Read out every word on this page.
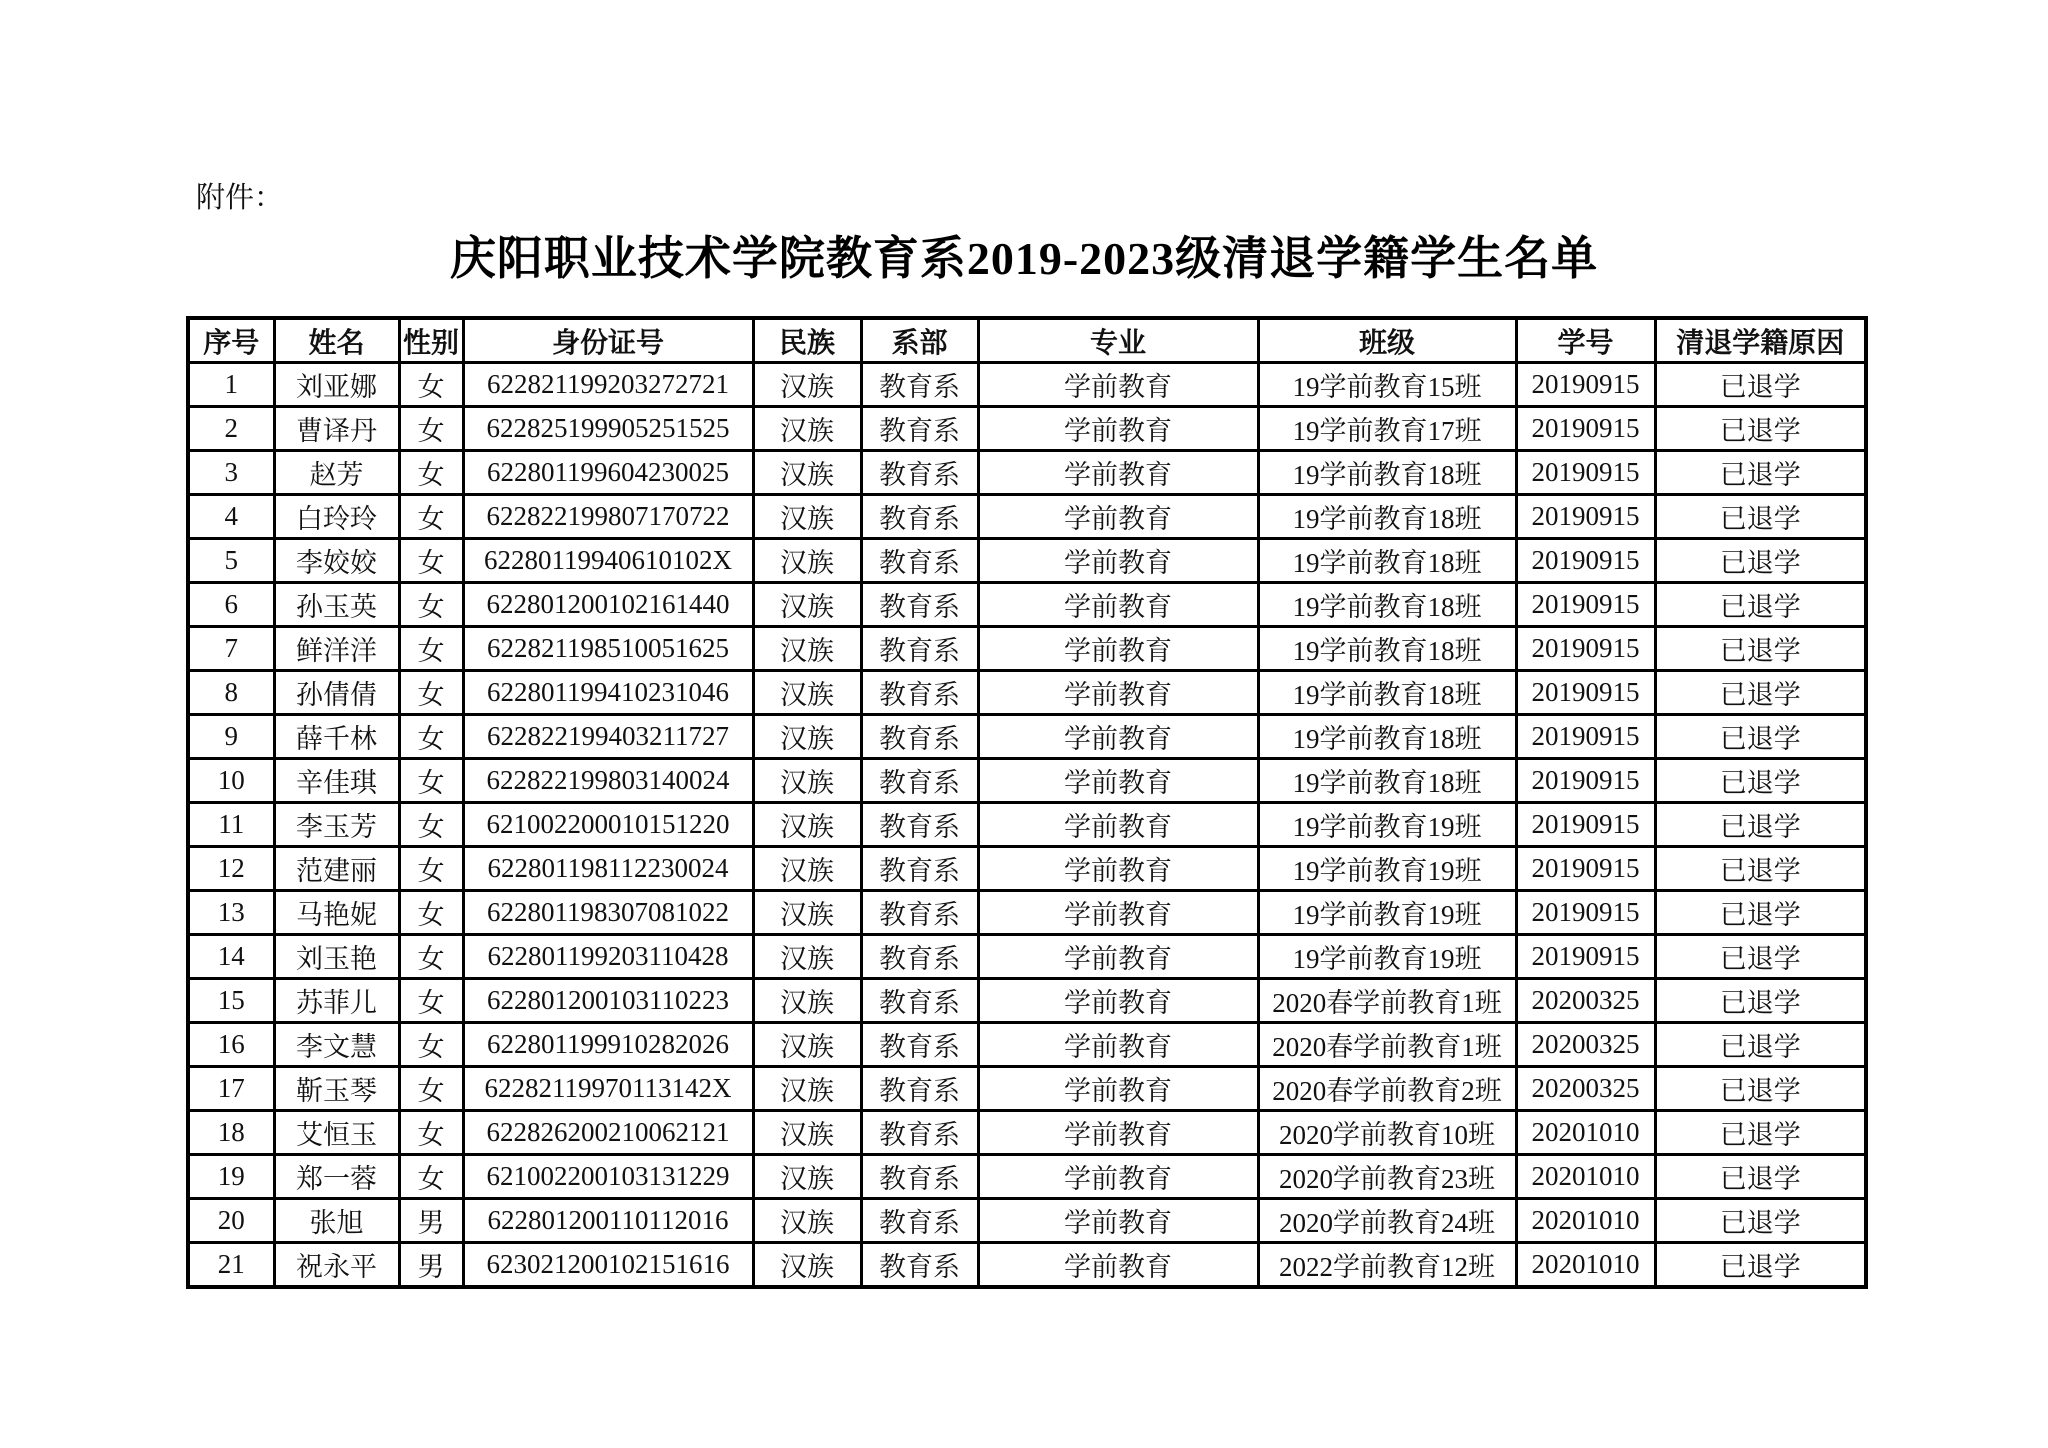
附件：
庆阳职业技术学院教育系2019-2023级清退学籍学生名单
序号	姓名	性别	身份证号	民族	系部	专业	班级	学号	清退学籍原因
1	刘亚娜	女	622821199203272721	汉族	教育系	学前教育	19学前教育15班	20190915	已退学
2	曹译丹	女	622825199905251525	汉族	教育系	学前教育	19学前教育17班	20190915	已退学
3	赵芳	女	622801199604230025	汉族	教育系	学前教育	19学前教育18班	20190915	已退学
4	白玲玲	女	622822199807170722	汉族	教育系	学前教育	19学前教育18班	20190915	已退学
5	李姣姣	女	62280119940610102X	汉族	教育系	学前教育	19学前教育18班	20190915	已退学
6	孙玉英	女	622801200102161440	汉族	教育系	学前教育	19学前教育18班	20190915	已退学
7	鲜洋洋	女	622821198510051625	汉族	教育系	学前教育	19学前教育18班	20190915	已退学
8	孙倩倩	女	622801199410231046	汉族	教育系	学前教育	19学前教育18班	20190915	已退学
9	薛千林	女	622822199403211727	汉族	教育系	学前教育	19学前教育18班	20190915	已退学
10	辛佳琪	女	622822199803140024	汉族	教育系	学前教育	19学前教育18班	20190915	已退学
11	李玉芳	女	621002200010151220	汉族	教育系	学前教育	19学前教育19班	20190915	已退学
12	范建丽	女	622801198112230024	汉族	教育系	学前教育	19学前教育19班	20190915	已退学
13	马艳妮	女	622801198307081022	汉族	教育系	学前教育	19学前教育19班	20190915	已退学
14	刘玉艳	女	622801199203110428	汉族	教育系	学前教育	19学前教育19班	20190915	已退学
15	苏菲儿	女	622801200103110223	汉族	教育系	学前教育	2020春学前教育1班	20200325	已退学
16	李文慧	女	622801199910282026	汉族	教育系	学前教育	2020春学前教育1班	20200325	已退学
17	靳玉琴	女	62282119970113142X	汉族	教育系	学前教育	2020春学前教育2班	20200325	已退学
18	艾恒玉	女	622826200210062121	汉族	教育系	学前教育	2020学前教育10班	20201010	已退学
19	郑一蓉	女	621002200103131229	汉族	教育系	学前教育	2020学前教育23班	20201010	已退学
20	张旭	男	622801200110112016	汉族	教育系	学前教育	2020学前教育24班	20201010	已退学
21	祝永平	男	623021200102151616	汉族	教育系	学前教育	2022学前教育12班	20201010	已退学
